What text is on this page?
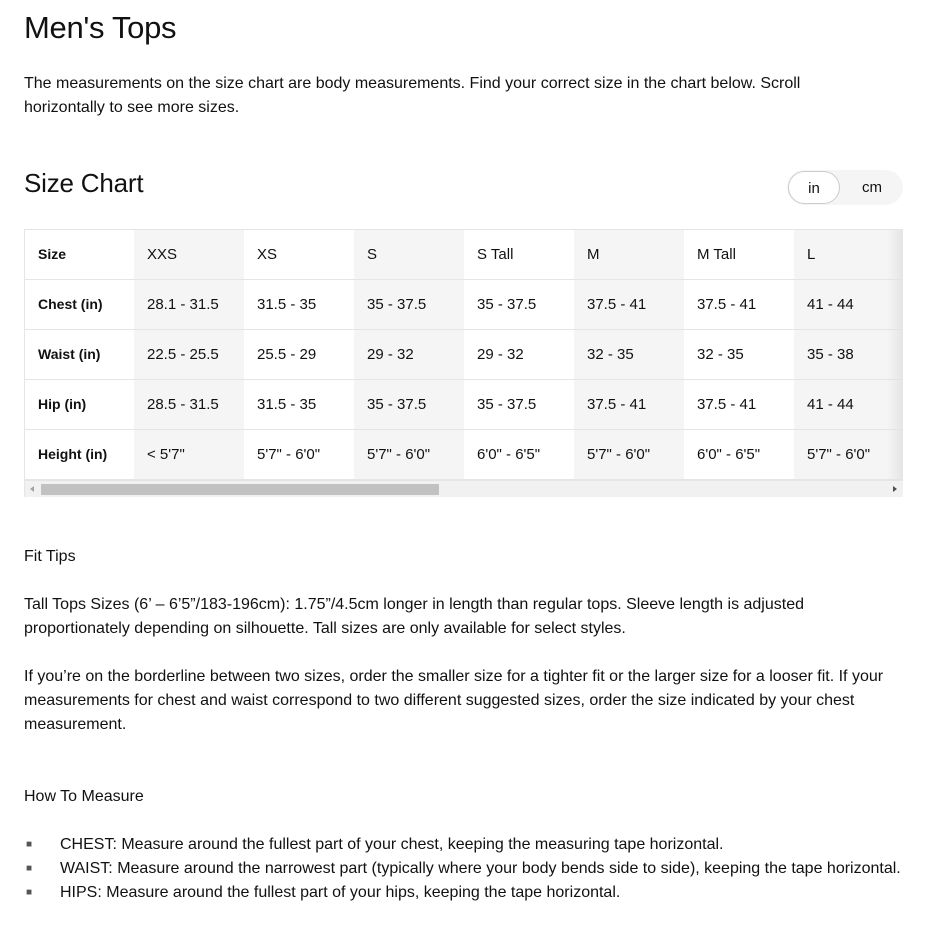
Men's Tops
The measurements on the size chart are body measurements. Find your correct size in the chart below. Scroll horizontally to see more sizes.
Size Chart	in	cm
Size	XXS	XS	S	S Tall	M	M Tall	L
Chest (in)	28.1 - 31.5	31.5 - 35	35 - 37.5	35 - 37.5	37.5 - 41	37.5 - 41	41 - 44
Waist (in)	22.5 - 25.5	25.5 - 29	29 - 32	29 - 32	32 - 35	32 - 35	35 - 38
Hip (in)	28.5 - 31.5	31.5 - 35	35 - 37.5	35 - 37.5	37.5 - 41	37.5 - 41	41 - 44
Height (in)	< 5'7"	5'7" - 6'0"	5'7" - 6'0"	6'0" - 6'5"	5'7" - 6'0"	6'0" - 6'5"	5'7" - 6'0"
Fit Tips
Tall Tops Sizes (6’ – 6’5”/183-196cm): 1.75”/4.5cm longer in length than regular tops. Sleeve length is adjusted proportionately depending on silhouette. Tall sizes are only available for select styles.
If you’re on the borderline between two sizes, order the smaller size for a tighter fit or the larger size for a looser fit. If your measurements for chest and waist correspond to two different suggested sizes, order the size indicated by your chest measurement.
How To Measure
■ CHEST: Measure around the fullest part of your chest, keeping the measuring tape horizontal.
■ WAIST: Measure around the narrowest part (typically where your body bends side to side), keeping the tape horizontal.
■ HIPS: Measure around the fullest part of your hips, keeping the tape horizontal.
